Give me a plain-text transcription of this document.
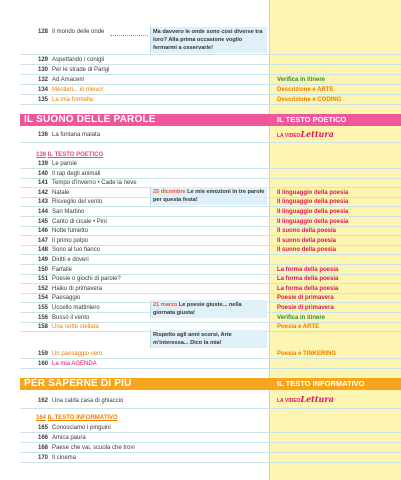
128 Il mondo delle onde	Ma davvero le onde sono così diverse tra loro? Alla prima occasione voglio fermarmi a osservarle!
129 Aspettando i conigli
130 Per le strade di Parigi
132 Ad Amacem	Verifica in itinere
134 Mestieri... in rilievo!	Descrizione e ARTE
135 La mia formella	Descrizione e CODING
IL SUONO DELLE PAROLE	IL TESTO POETICO
LA VIDEOLettura
136 La fontana malata
138 IL TESTO POETICO
139 Le parole
140 Il rap degli animali
141 Tempo d'inverno • Cade la neve
142 Natale	Il linguaggio della poesia
143 Risveglio del vento	Il linguaggio della poesia
144 San Martino	Il linguaggio della poesia
145 Canto di cicale • Pini	Il linguaggio della poesia
146 Notte fumetto	Il suono della poesia
147 Il primo polpo	Il suono della poesia
148 Sono al tuo fianco	Il suono della poesia
149 Diritti e doveri
150 Farfalle	La forma della poesia
151 Poesie o giochi di parole?	La forma della poesia
152 Haiku di primavera	La forma della poesia
154 Paesaggio	Poesie di primavera
155 Uccello mattiniero	Poesie di primavera
156 Bussò il vento	Verifica in itinere
158 Una notte stellata	Poesia e ARTE
25 dicembre Le mie emozioni in tre parole per questa festa!
21 marzo Le poesie giuste... nella giornata giusta!
Rispetto agli anni scorsi, Arte m'interessa... Dico la mia!
159 Un paesaggio vero	Poesia e TINKERING
160 La mia AGENDA
PER SAPERNE DI PIÙ	IL TESTO INFORMATIVO
LA VIDEOLettura
162 Una calda casa di ghiaccio
164 IL TESTO INFORMATIVO
165 Conosciamo i pinguini
166 Amica paura
168 Paese che vai, scuola che trovi
170 Il cinema
